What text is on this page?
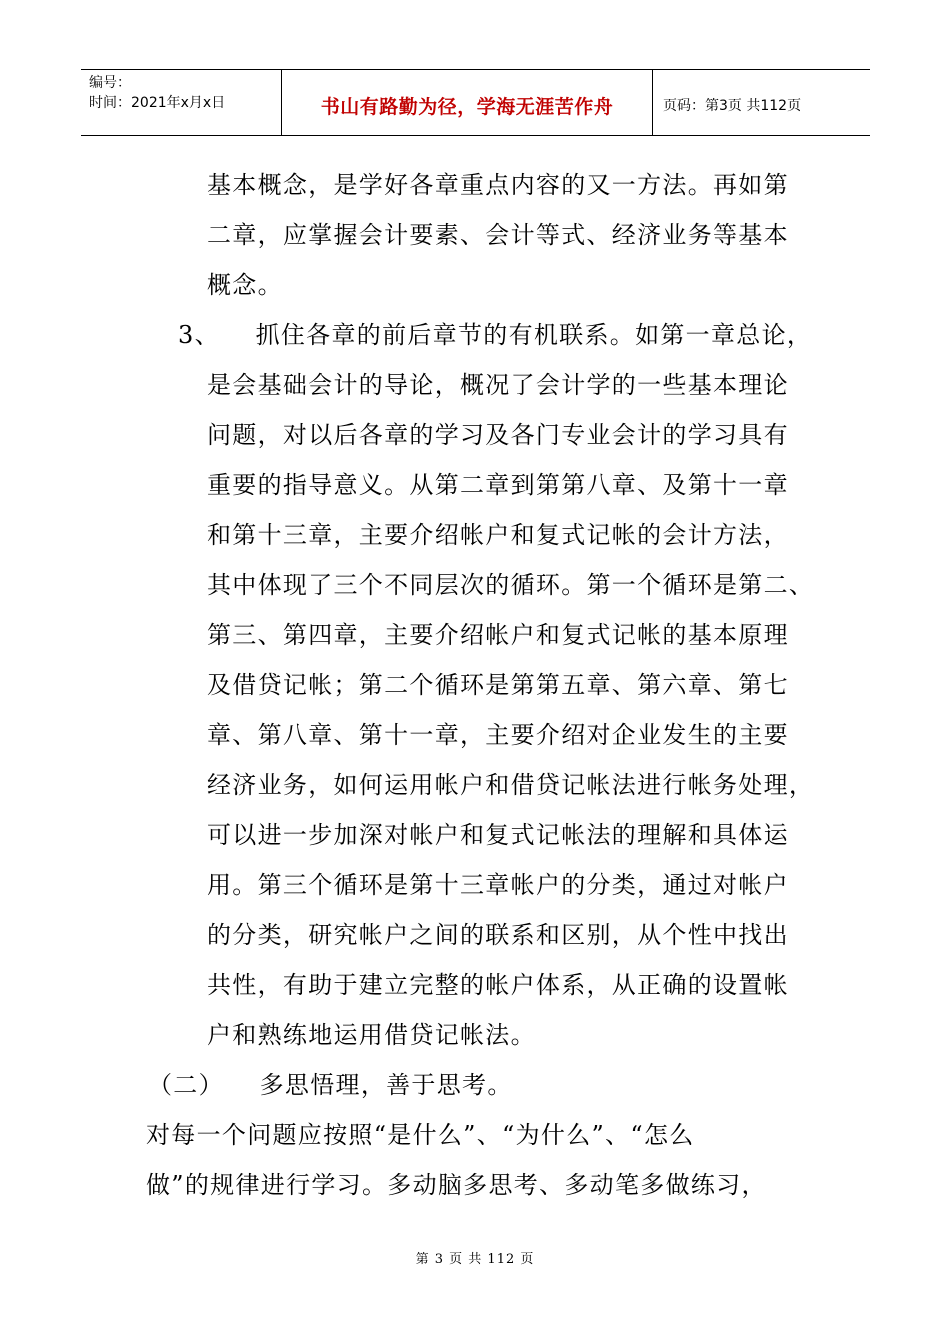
编号：
时间：2021年x月x日	书山有路勤为径，学海无涯苦作舟	页码：第3页 共112页
基本概念，是学好各章重点内容的又一方法。再如第
二章，应掌握会计要素、会计等式、经济业务等基本
概念。
3、    抓住各章的前后章节的有机联系。如第一章总论，
是会基础会计的导论，概况了会计学的一些基本理论
问题，对以后各章的学习及各门专业会计的学习具有
重要的指导意义。从第二章到第第八章、及第十一章
和第十三章，主要介绍帐户和复式记帐的会计方法，
其中体现了三个不同层次的循环。第一个循环是第二、
第三、第四章，主要介绍帐户和复式记帐的基本原理
及借贷记帐；第二个循环是第第五章、第六章、第七
章、第八章、第十一章，主要介绍对企业发生的主要
经济业务，如何运用帐户和借贷记帐法进行帐务处理，
可以进一步加深对帐户和复式记帐法的理解和具体运
用。第三个循环是第十三章帐户的分类，通过对帐户
的分类，研究帐户之间的联系和区别，从个性中找出
共性，有助于建立完整的帐户体系，从正确的设置帐
户和熟练地运用借贷记帐法。
（二）    多思悟理，善于思考。
对每一个问题应按照“是什么”、“为什么”、“怎么
做”的规律进行学习。多动脑多思考、多动笔多做练习，
第 3 页 共 112 页
